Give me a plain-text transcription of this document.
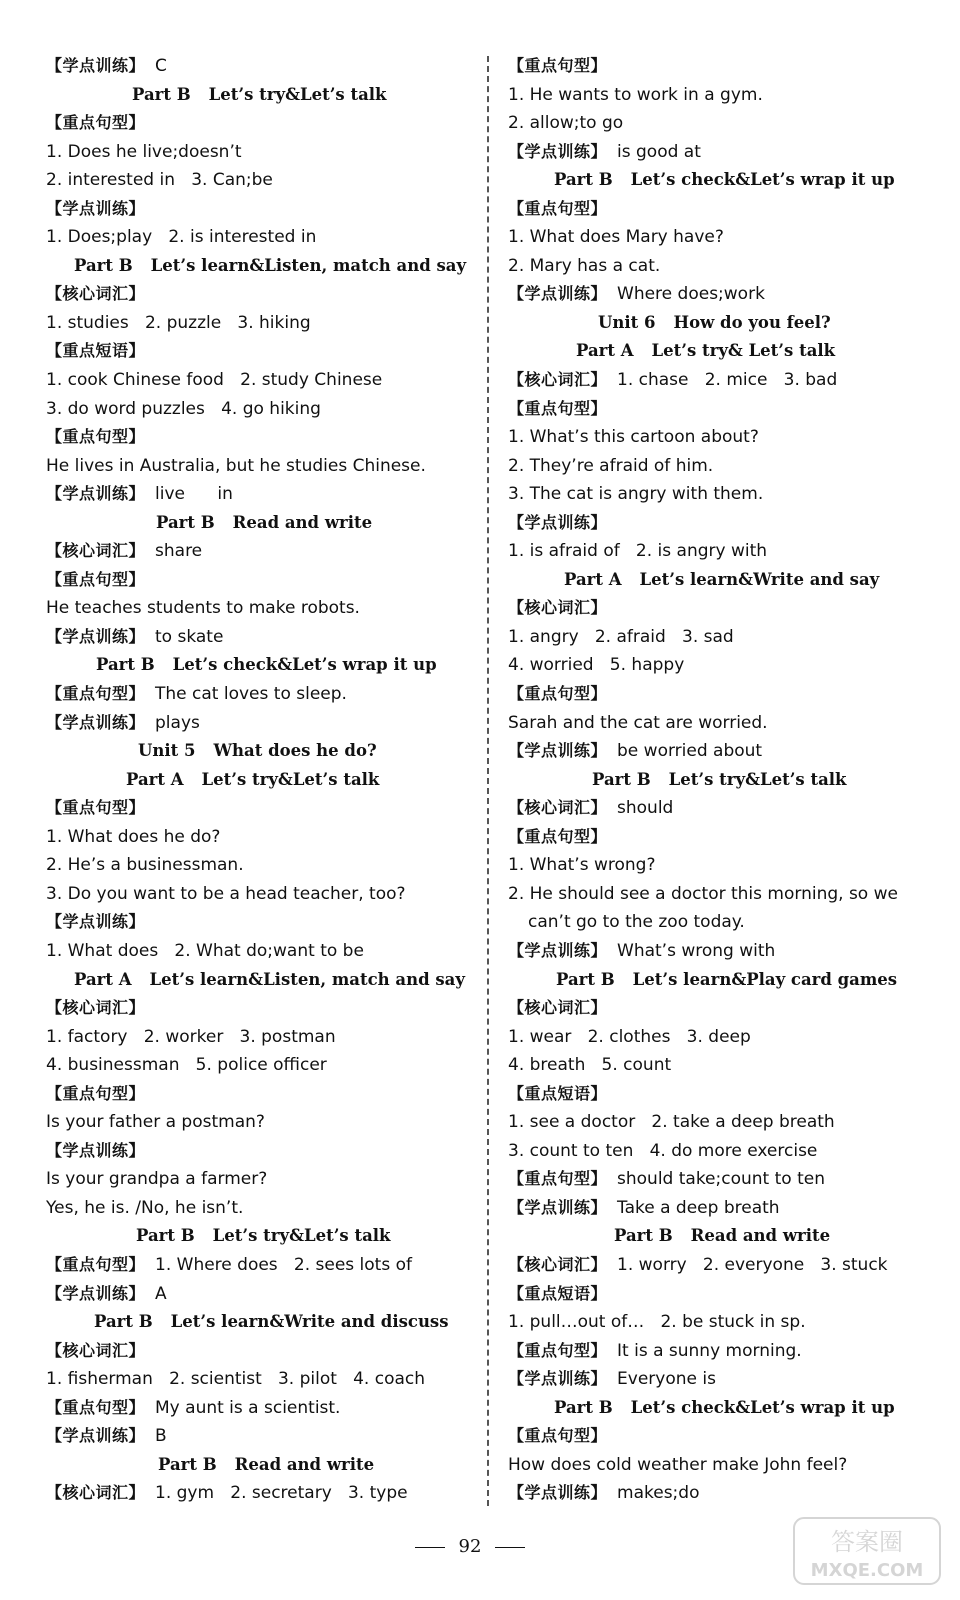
【学点训练】 C
Part B Let’s try&Let’s talk
【重点句型】
1. Does he live;doesn’t
2. interested in   3. Can;be
【学点训练】
1. Does;play   2. is interested in
Part B Let’s learn&Listen, match and say
【核心词汇】
1. studies   2. puzzle   3. hiking
【重点短语】
1. cook Chinese food   2. study Chinese
3. do word puzzles   4. go hiking
【重点句型】
He lives in Australia, but he studies Chinese.
【学点训练】 live      in
Part B Read and write
【核心词汇】 share
【重点句型】
He teaches students to make robots.
【学点训练】 to skate
Part B Let’s check&Let’s wrap it up
【重点句型】 The cat loves to sleep.
【学点训练】 plays
Unit 5 What does he do?
Part A Let’s try&Let’s talk
【重点句型】
1. What does he do?
2. He’s a businessman.
3. Do you want to be a head teacher, too?
【学点训练】
1. What does   2. What do;want to be
Part A Let’s learn&Listen, match and say
【核心词汇】
1. factory   2. worker   3. postman
4. businessman   5. police officer
【重点句型】
Is your father a postman?
【学点训练】
Is your grandpa a farmer?
Yes, he is. /No, he isn’t.
Part B Let’s try&Let’s talk
【重点句型】 1. Where does   2. sees lots of
【学点训练】 A
Part B Let’s learn&Write and discuss
【核心词汇】
1. fisherman   2. scientist   3. pilot   4. coach
【重点句型】 My aunt is a scientist.
【学点训练】 B
Part B Read and write
【核心词汇】 1. gym   2. secretary   3. type
【重点句型】
1. He wants to work in a gym.
2. allow;to go
【学点训练】 is good at
Part B Let’s check&Let’s wrap it up
【重点句型】
1. What does Mary have?
2. Mary has a cat.
【学点训练】 Where does;work
Unit 6 How do you feel?
Part A Let’s try& Let’s talk
【核心词汇】 1. chase   2. mice   3. bad
【重点句型】
1. What’s this cartoon about?
2. They’re afraid of him.
3. The cat is angry with them.
【学点训练】
1. is afraid of   2. is angry with
Part A Let’s learn&Write and say
【核心词汇】
1. angry   2. afraid   3. sad
4. worried   5. happy
【重点句型】
Sarah and the cat are worried.
【学点训练】 be worried about
Part B Let’s try&Let’s talk
【核心词汇】 should
【重点句型】
1. What’s wrong?
2. He should see a doctor this morning, so we
can’t go to the zoo today.
【学点训练】 What’s wrong with
Part B Let’s learn&Play card games
【核心词汇】
1. wear   2. clothes   3. deep
4. breath   5. count
【重点短语】
1. see a doctor   2. take a deep breath
3. count to ten   4. do more exercise
【重点句型】 should take;count to ten
【学点训练】 Take a deep breath
Part B Read and write
【核心词汇】 1. worry   2. everyone   3. stuck
【重点短语】
1. pull…out of…   2. be stuck in sp.
【重点句型】 It is a sunny morning.
【学点训练】 Everyone is
Part B Let’s check&Let’s wrap it up
【重点句型】
How does cold weather make John feel?
【学点训练】 makes;do
92	答案圈
MXQE.COM
